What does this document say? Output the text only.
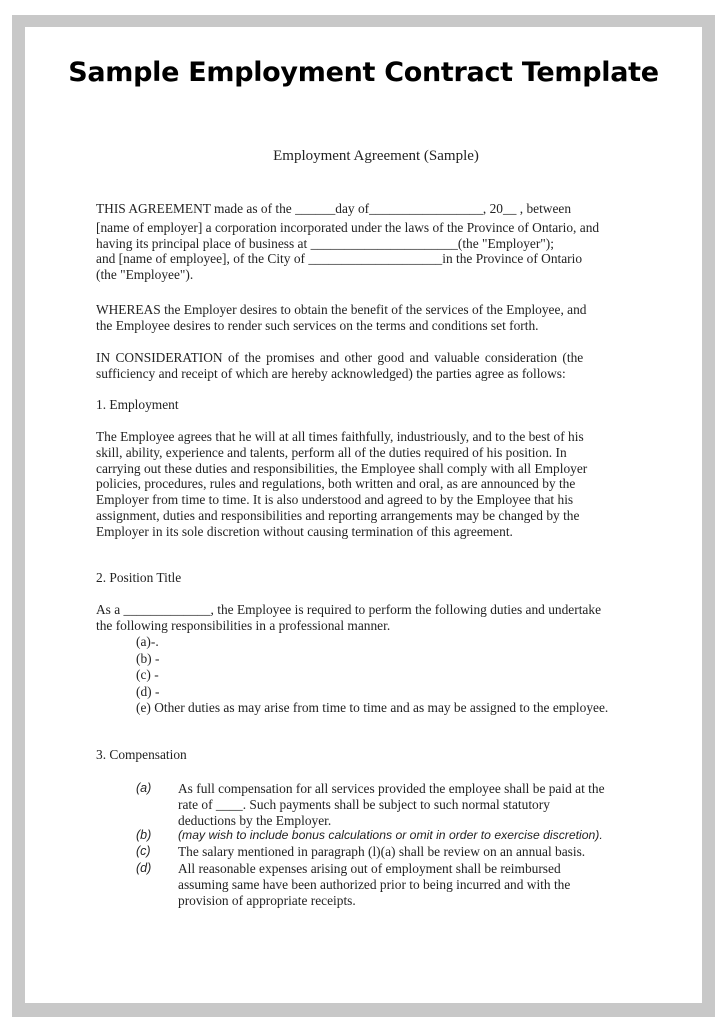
Sample Employment Contract Template
Employment Agreement (Sample)

THIS AGREEMENT made as of the ______day of_________________, 20__ , between

[name of employer] a corporation incorporated under the laws of the Province of Ontario, and

having its principal place of business at ______________________(the "Employer");

and [name of employee], of the City of ____________________in the Province of Ontario

(the "Employee").

WHEREAS the Employer desires to obtain the benefit of the services of the Employee, and

the Employee desires to render such services on the terms and conditions set forth.

IN CONSIDERATION of the promises and other good and valuable consideration (the

sufficiency and receipt of which are hereby acknowledged) the parties agree as follows:

1. Employment

The Employee agrees that he will at all times faithfully, industriously, and to the best of his

skill, ability, experience and talents, perform all of the duties required of his position. In

carrying out these duties and responsibilities, the Employee shall comply with all Employer

policies, procedures, rules and regulations, both written and oral, as are announced by the

Employer from time to time. It is also understood and agreed to by the Employee that his

assignment, duties and responsibilities and reporting arrangements may be changed by the

Employer in its sole discretion without causing termination of this agreement.

2. Position Title

As a _____________, the Employee is required to perform the following duties and undertake

the following responsibilities in a professional manner.

(a)-.
(b) -
(c) -
(d) -
(e) Other duties as may arise from time to time and as may be assigned to the employee.

3. Compensation

(a) As full compensation for all services provided the employee shall be paid at the

rate of ____. Such payments shall be subject to such normal statutory

deductions by the Employer.

(b) (may wish to include bonus calculations or omit in order to exercise discretion).

(c) The salary mentioned in paragraph (l)(a) shall be review on an annual basis.

(d) All reasonable expenses arising out of employment shall be reimbursed

assuming same have been authorized prior to being incurred and with the

provision of appropriate receipts.
